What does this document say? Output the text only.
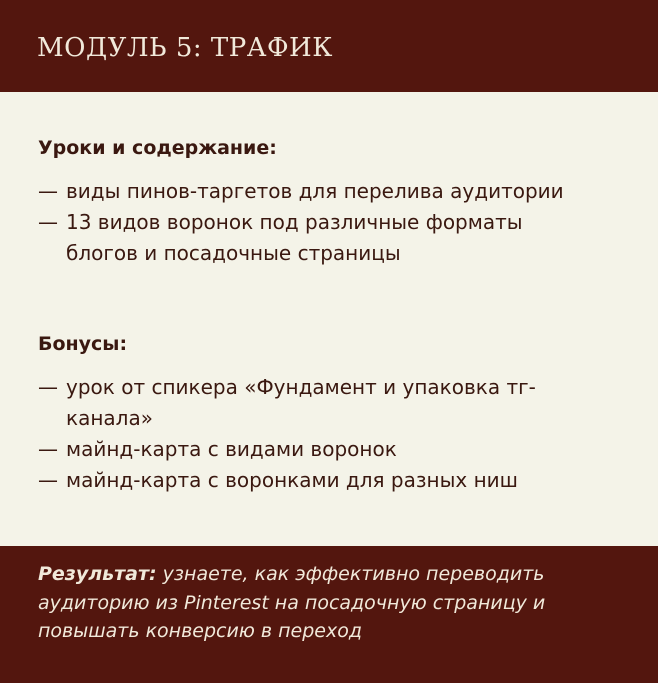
МОДУЛЬ 5: ТРАФИК
Уроки и содержание:
— виды пинов-таргетов для перелива аудитории
— 13 видов воронок под различные форматы блогов и посадочные страницы
Бонусы:
— урок от спикера «Фундамент и упаковка тг-канала»
— майнд-карта с видами воронок
— майнд-карта с воронками для разных ниш

Результат: узнаете, как эффективно переводить аудиторию из Pinterest на посадочную страницу и повышать конверсию в переход
